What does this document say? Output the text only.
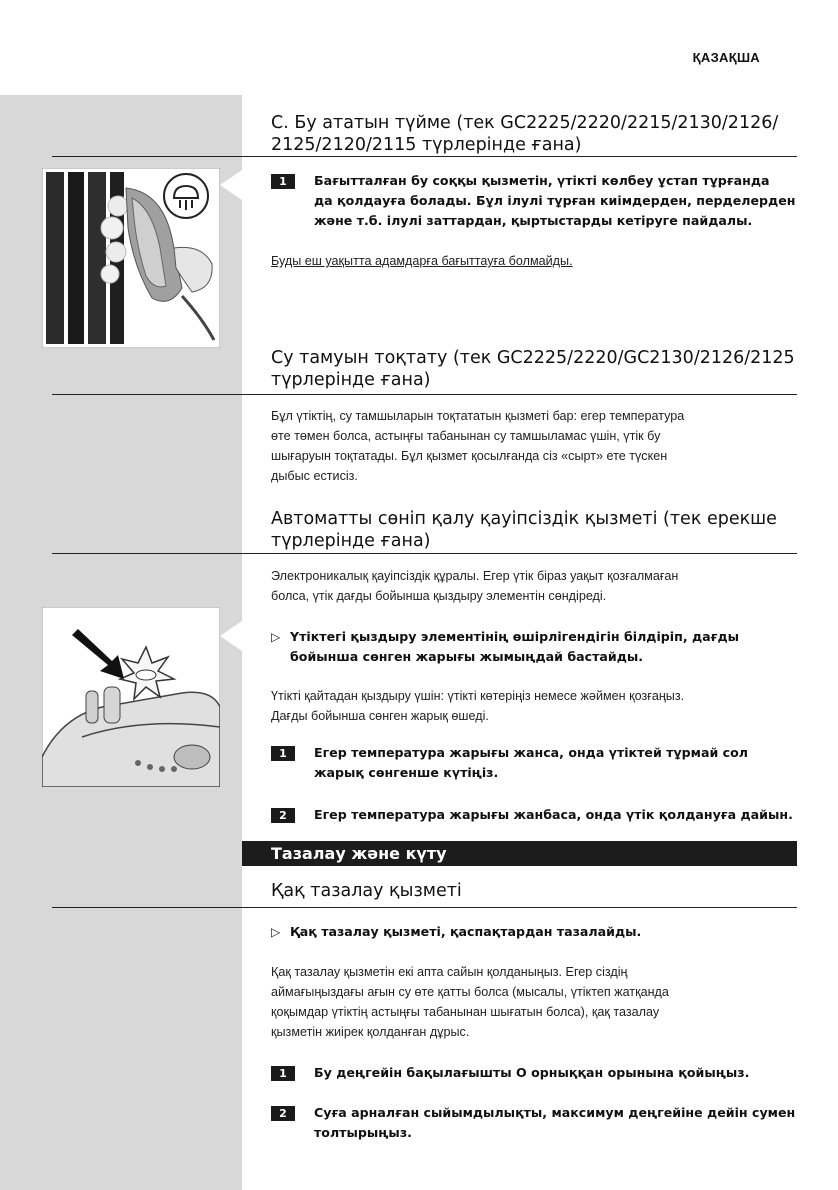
ҚАЗАҚША
C. Бу ататын түйме (тек GC2225/2220/2215/2130/2126/
2125/2120/2115 түрлерінде ғана)
1	Бағытталған бу соққы қызметін, үтікті көлбеу ұстап тұрғанда
да қолдауға болады. Бұл ілулі тұрған киімдерден, перделерден
және т.б. ілулі заттардан, қыртыстарды кетіруге пайдалы.
Буды еш уақытта адамдарға бағыттауға болмайды.
Су тамуын тоқтату (тек GC2225/2220/GC2130/2126/2125
түрлерінде ғана)
Бұл үтіктің, су тамшыларын тоқтататын қызметі бар: егер температура
өте төмен болса, астыңғы табанынан су тамшыламас үшін, үтік бу
шығаруын тоқтатады. Бұл қызмет қосылғанда сіз «сырт» ете түскен
дыбыс естисіз.
Автоматты сөніп қалу қауіпсіздік қызметі (тек ерекше
түрлерінде ғана)
Электроникалық қауіпсіздік құралы. Егер үтік біраз уақыт қозғалмаған
болса, үтік дағды бойынша қыздыру элементін сөндіреді.
▷ Үтіктегі қыздыру элементінің өшірлігендігін білдіріп, дағды
бойынша сөнген жарығы жымыңдай бастайды.
Үтікті қайтадан қыздыру үшін: үтікті көтеріңіз немесе жәймен қозғаңыз.
Дағды бойынша сөнген жарық өшеді.
1	Егер температура жарығы жанса, онда үтіктей тұрмай сол
жарық сөнгенше күтіңіз.
2	Егер температура жарығы жанбаса, онда үтік қолдануға дайын.
Тазалау және күту
Қақ тазалау қызметі
▷ Қақ тазалау қызметі, қаспақтардан тазалайды.
Қақ тазалау қызметін екі апта сайын қолданыңыз. Егер сіздің
аймағыңыздағы ағын су өте қатты болса (мысалы, үтіктеп жатқанда
қоқымдар үтіктің астыңғы табанынан шығатын болса), қақ тазалау
қызметін жиірек қолданған дұрыс.
1	Бу деңгейін бақылағышты O орныққан орынына қойыңыз.
2	Суға арналған сыйымдылықты, максимум деңгейіне дейін сумен
толтырыңыз.
